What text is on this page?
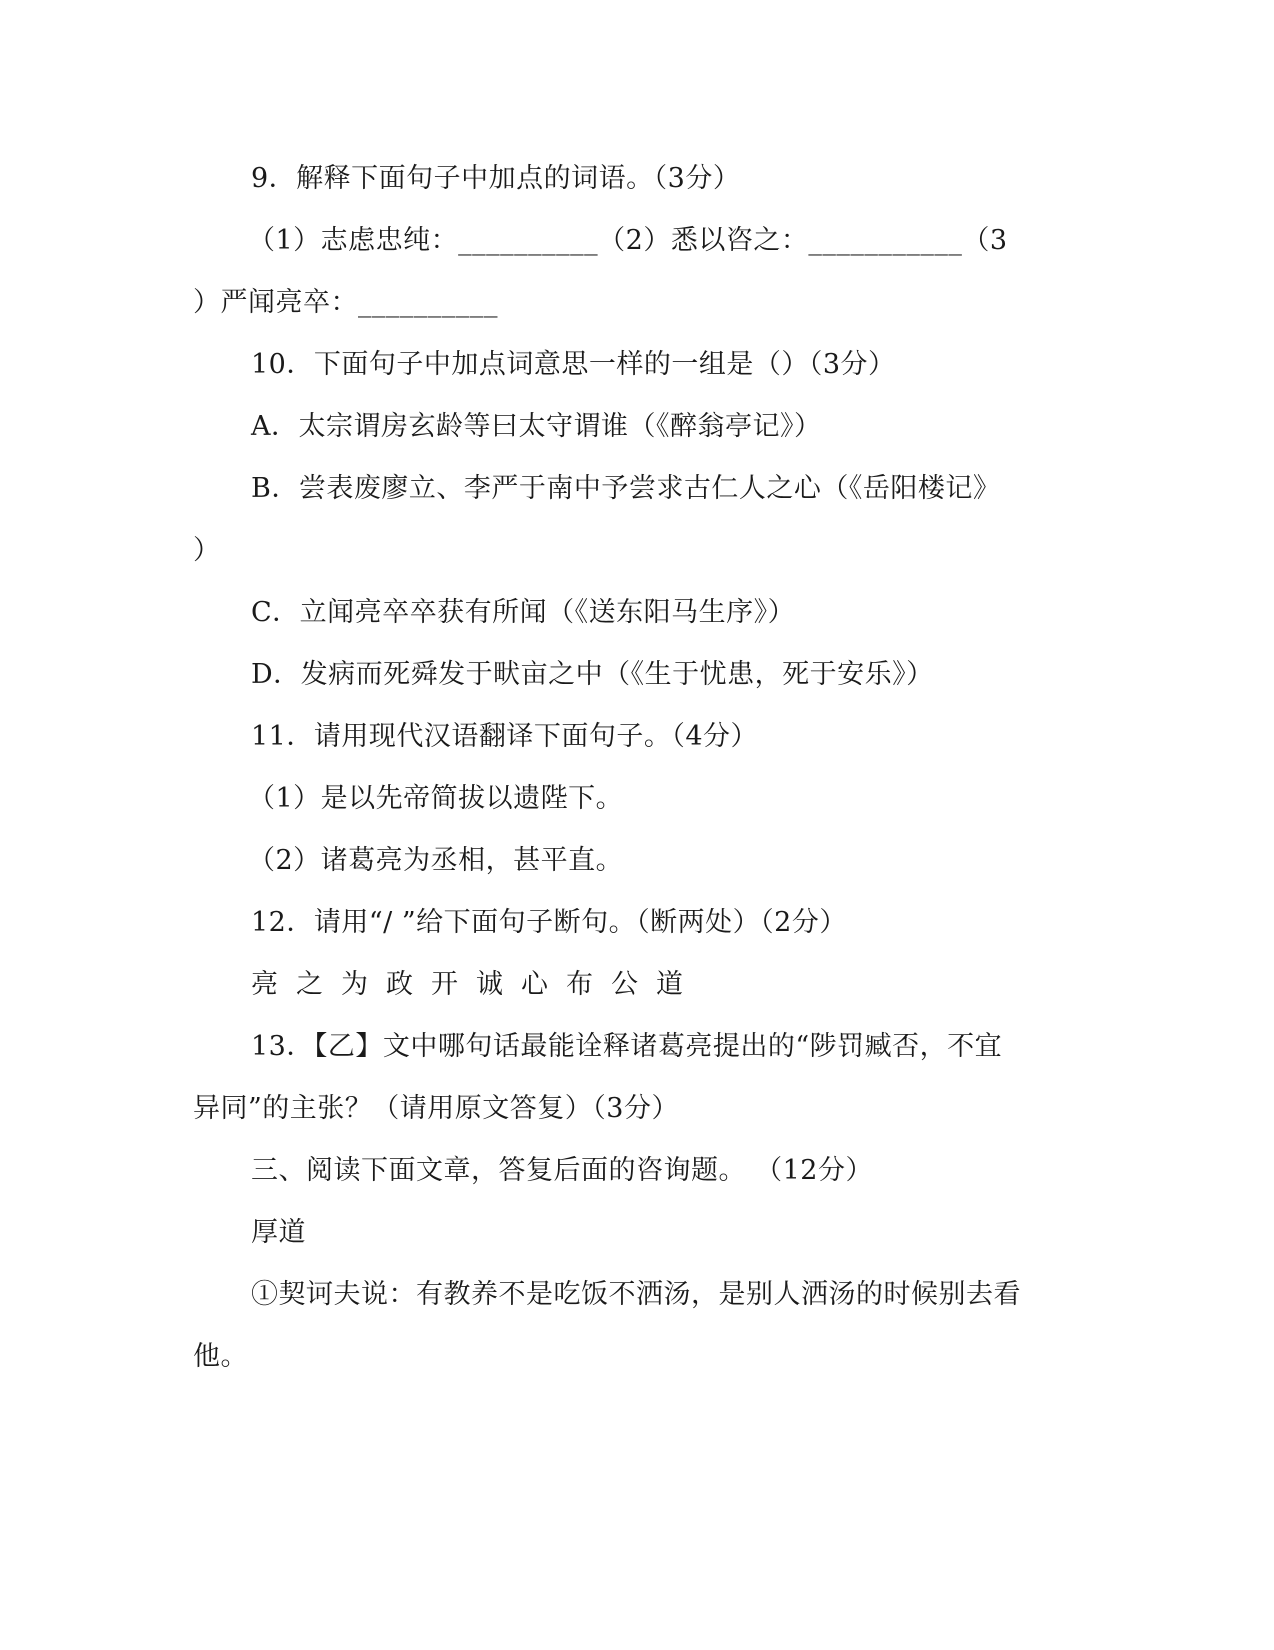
9．解释下面句子中加点的词语。（3分）
（1）志虑忠纯：__________（2）悉以咨之：___________（3
）严闻亮卒：__________
10．下面句子中加点词意思一样的一组是（）（3分）
A．太宗谓房玄龄等曰太守谓谁（《醉翁亭记》）
B．尝表废廖立、李严于南中予尝求古仁人之心（《岳阳楼记》
）
C．立闻亮卒卒获有所闻（《送东阳马生序》）
D．发病而死舜发于畎亩之中（《生于忧患，死于安乐》）
11．请用现代汉语翻译下面句子。（4分）
（1）是以先帝简拔以遗陛下。
（2）诸葛亮为丞相，甚平直。
12．请用“/ ”给下面句子断句。（断两处）（2分）
亮之为政开诚心布公道
13．【乙】文中哪句话最能诠释诸葛亮提出的“陟罚臧否，不宜
异同”的主张？（请用原文答复）（3分）
三、阅读下面文章，答复后面的咨询题。 （12分）
厚道
①契诃夫说：有教养不是吃饭不洒汤，是别人洒汤的时候别去看
他。
